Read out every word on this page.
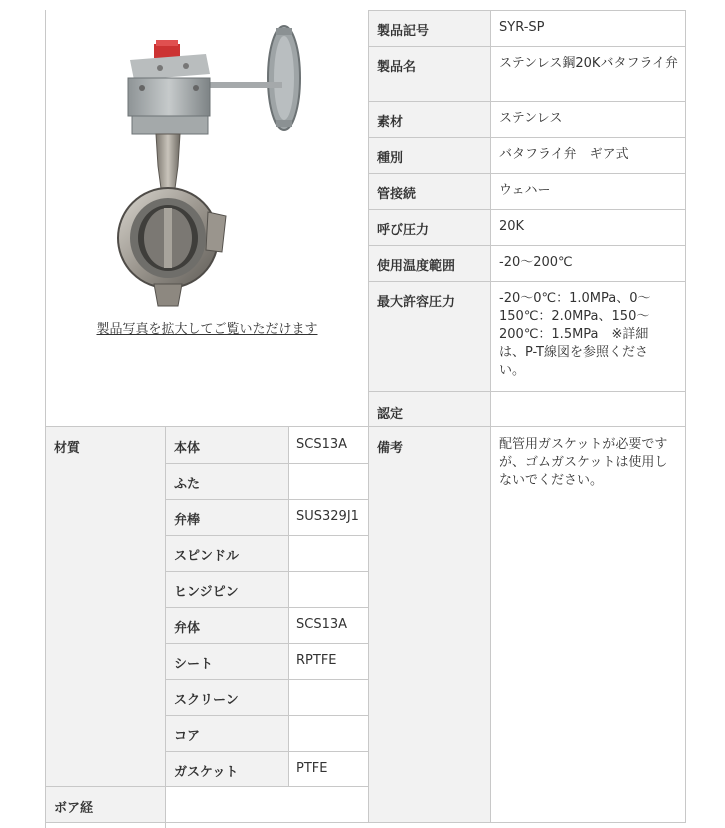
製品写真を拡大してご覧いただけます
製品記号
製品名
素材
種別
管接続
呼び圧力
使用温度範囲
最大許容圧力
認定
SYR-SP
ステンレス鋼20Kバタフライ弁
ステンレス
バタフライ弁　ギア式
ウェハー
20K
-20～200℃
-20～0℃：1.0MPa、0～150℃：2.0MPa、150～200℃：1.5MPa　※詳細は、P-T線図を参照ください。
材質	本体
ふた
弁棒
スピンドル
ヒンジピン
弁体
シート
スクリーン
コア
ガスケット
SCS13A
SUS329J1
SCS13A
RPTFE
PTFE
ボア経
備考	配管用ガスケットが必要ですが、ゴムガスケットは使用しないでください。
